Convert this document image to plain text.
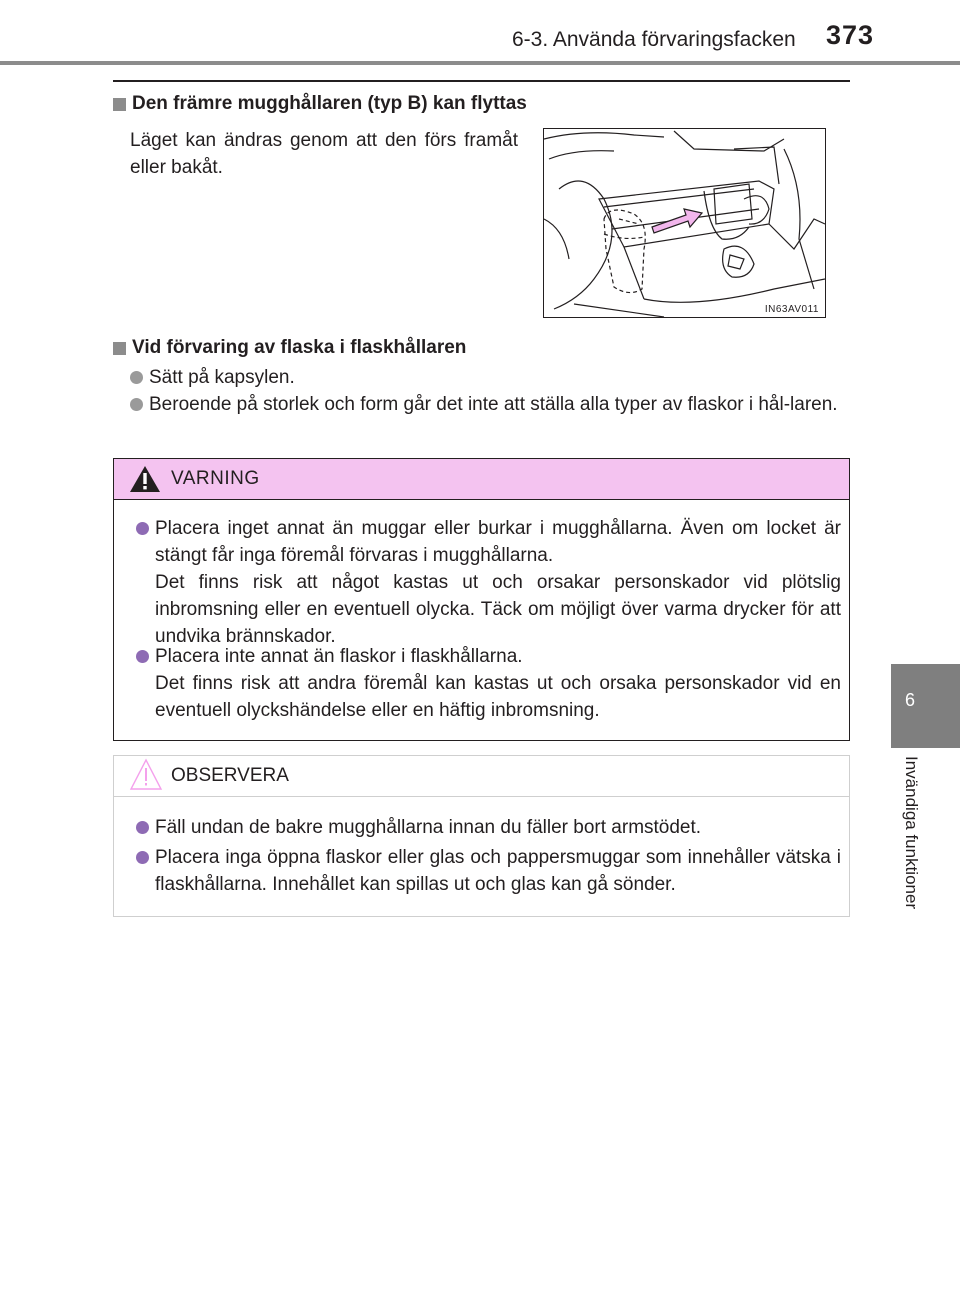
6-3. Använda förvaringsfacken 373
6
Invändiga funktioner
Den främre mugghållaren (typ B) kan flyttas
Läget kan ändras genom att den förs framåt eller bakåt.
IN63AV011
Vid förvaring av flaska i flaskhållaren
Sätt på kapsylen.
Beroende på storlek och form går det inte att ställa alla typer av flaskor i hål-laren.
VARNING
Placera inget annat än muggar eller burkar i mugghållarna. Även om locket är stängt får inga föremål förvaras i mugghållarna.
Det finns risk att något kastas ut och orsakar personskador vid plötslig inbromsning eller en eventuell olycka. Täck om möjligt över varma drycker för att undvika brännskador.
Placera inte annat än flaskor i flaskhållarna.
Det finns risk att andra föremål kan kastas ut och orsaka personskador vid en eventuell olyckshändelse eller en häftig inbromsning.
OBSERVERA
Fäll undan de bakre mugghållarna innan du fäller bort armstödet.
Placera inga öppna flaskor eller glas och pappersmuggar som innehåller vätska i flaskhållarna. Innehållet kan spillas ut och glas kan gå sönder.
